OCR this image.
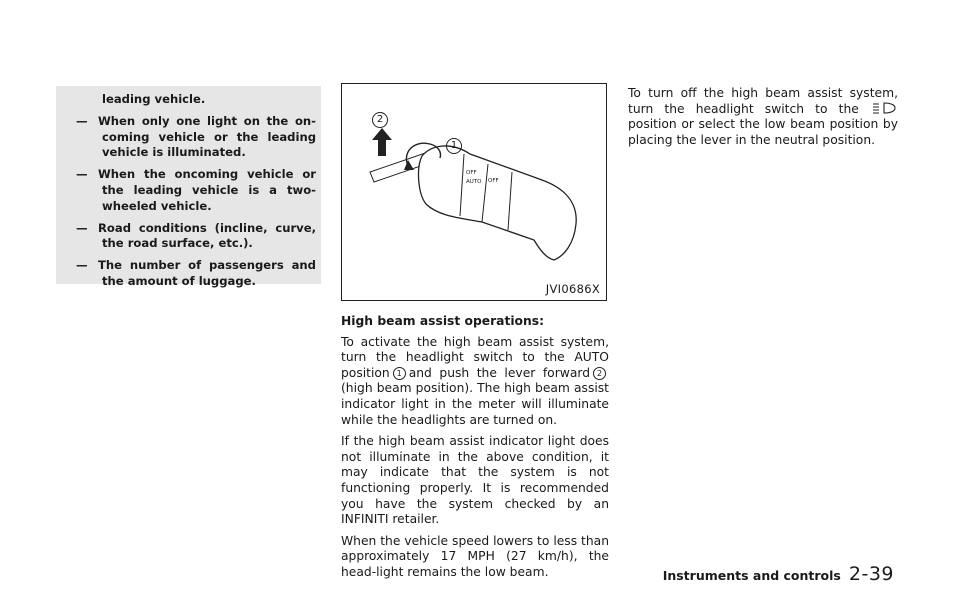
leading vehicle.
— When only one light on the on-coming vehicle or the leading vehicle is illuminated.
— When the oncoming vehicle or the leading vehicle is a two-wheeled vehicle.
— Road conditions (incline, curve, the road surface, etc.).
— The number of passengers and the amount of luggage.
1
2
OFF
AUTO OFF
JVI0686X
High beam assist operations:

To activate the high beam assist system, turn the headlight switch to the AUTO position 1 and push the lever forward 2(high beam position). The high beam assist indicator light in the meter will illuminate while the headlights are turned on.

If the high beam assist indicator light does not illuminate in the above condition, it may indicate that the system is not functioning properly. It is recommended you have the system checked by an INFINITI retailer.

When the vehicle speed lowers to less than approximately 17 MPH (27 km/h), the head-light remains the low beam.

To turn off the high beam assist system, turn the headlight switch to the  position or select the low beam position by placing the lever in the neutral position.

Instruments and controls 2-39
